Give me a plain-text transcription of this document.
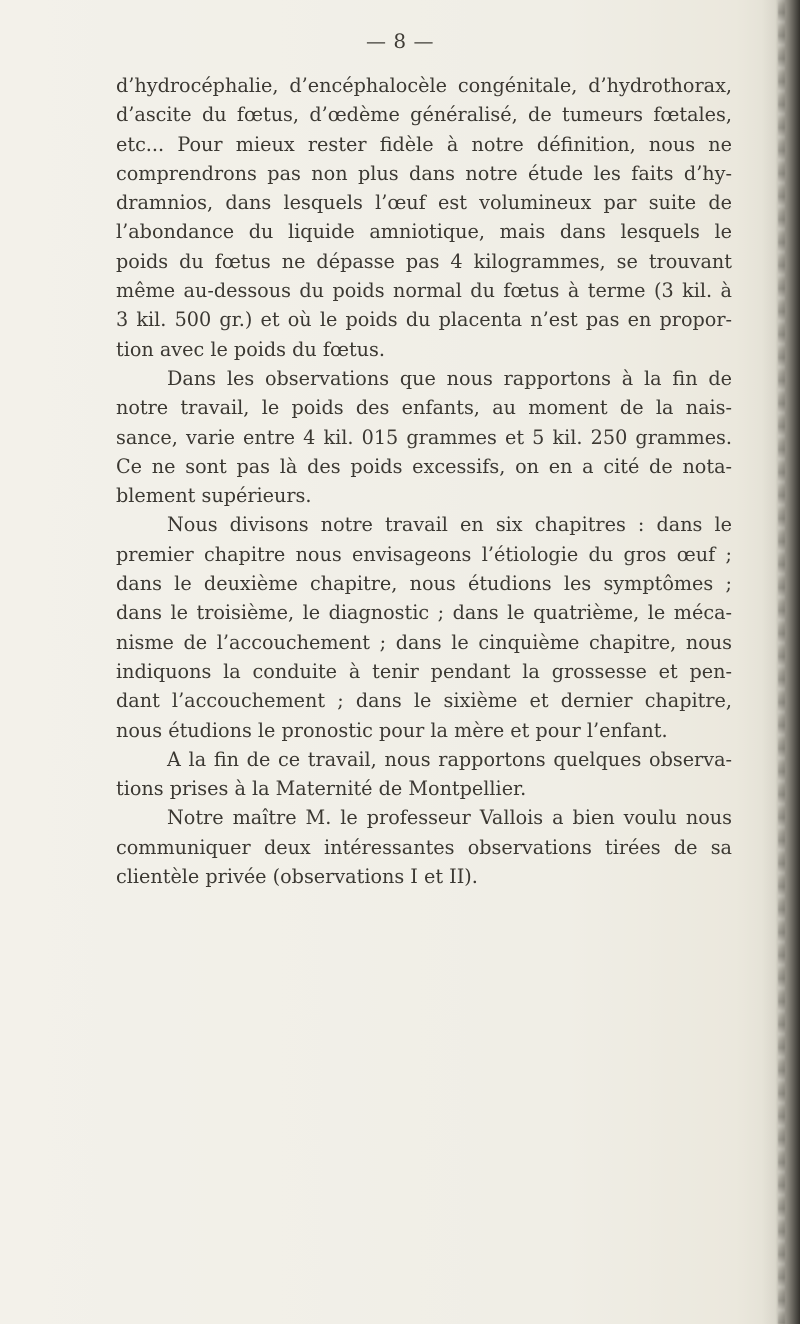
— 8 —
d’hydrocéphalie, d’encéphalocèle congénitale, d’hydrothorax,
d’ascite du fœtus, d’œdème généralisé, de tumeurs fœtales,
etc... Pour mieux rester fidèle à notre définition, nous ne
comprendrons pas non plus dans notre étude les faits d’hy-
dramnios, dans lesquels l’œuf est volumineux par suite de
l’abondance du liquide amniotique, mais dans lesquels le
poids du fœtus ne dépasse pas 4 kilogrammes, se trouvant
même au-dessous du poids normal du fœtus à terme (3 kil. à
3 kil. 500 gr.) et où le poids du placenta n’est pas en propor-
tion avec le poids du fœtus.
Dans les observations que nous rapportons à la fin de
notre travail, le poids des enfants, au moment de la nais-
sance, varie entre 4 kil. 015 grammes et 5 kil. 250 grammes.
Ce ne sont pas là des poids excessifs, on en a cité de nota-
blement supérieurs.
Nous divisons notre travail en six chapitres : dans le
premier chapitre nous envisageons l’étiologie du gros œuf ;
dans le deuxième chapitre, nous étudions les symptômes ;
dans le troisième, le diagnostic ; dans le quatrième, le méca-
nisme de l’accouchement ; dans le cinquième chapitre, nous
indiquons la conduite à tenir pendant la grossesse et pen-
dant l’accouchement ; dans le sixième et dernier chapitre,
nous étudions le pronostic pour la mère et pour l’enfant.
A la fin de ce travail, nous rapportons quelques observa-
tions prises à la Maternité de Montpellier.
Notre maître M. le professeur Vallois a bien voulu nous
communiquer deux intéressantes observations tirées de sa
clientèle privée (observations I et II).
